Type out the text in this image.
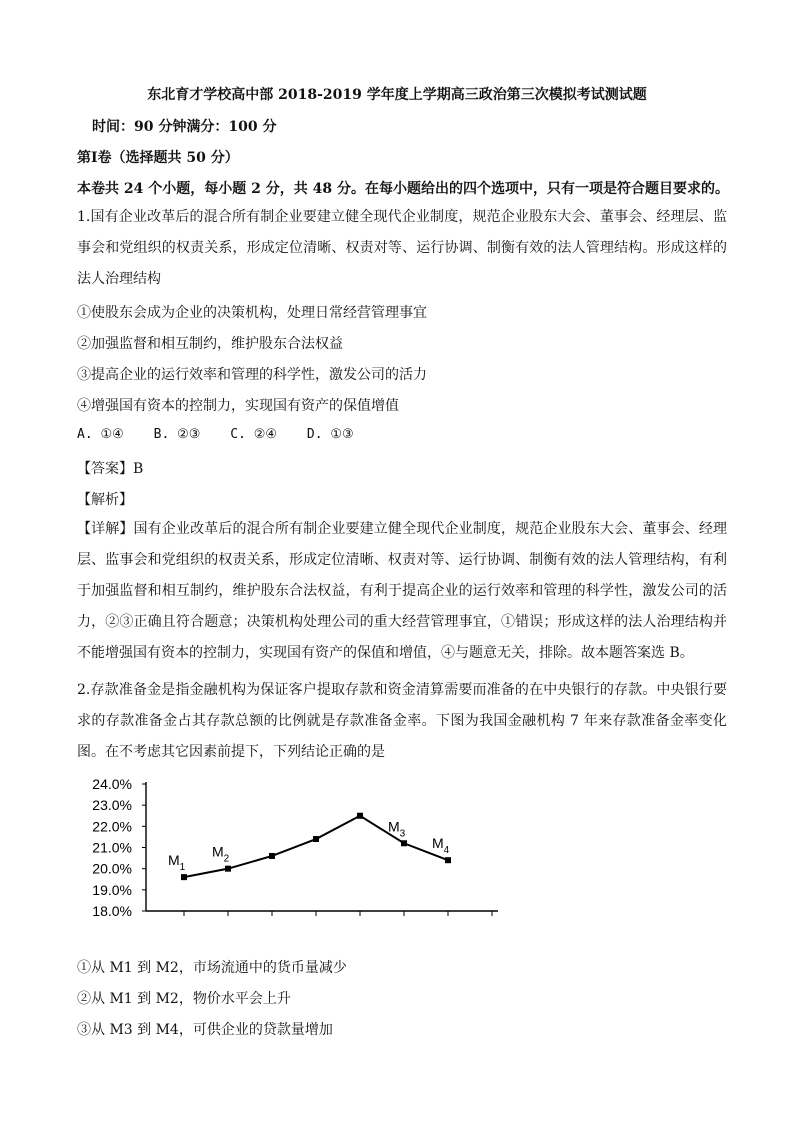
东北育才学校高中部 2018-2019 学年度上学期高三政治第三次模拟考试测试题
时间：90 分钟满分：100 分
第Ⅰ卷（选择题共 50 分）
本卷共 24 个小题，每小题 2 分，共 48 分。在每小题给出的四个选项中，只有一项是符合题目要求的。
1.国有企业改革后的混合所有制企业要建立健全现代企业制度，规范企业股东大会、董事会、经理层、监事会和党组织的权责关系，形成定位清晰、权责对等、运行协调、制衡有效的法人管理结构。形成这样的法人治理结构
①使股东会成为企业的决策机构，处理日常经营管理事宜
②加强监督和相互制约，维护股东合法权益
③提高企业的运行效率和管理的科学性，激发公司的活力
④增强国有资本的控制力，实现国有资产的保值增值
A. ①④ B. ②③ C. ②④ D. ①③
【答案】B
【解析】
【详解】国有企业改革后的混合所有制企业要建立健全现代企业制度，规范企业股东大会、董事会、经理层、监事会和党组织的权责关系，形成定位清晰、权责对等、运行协调、制衡有效的法人管理结构，有利于加强监督和相互制约，维护股东合法权益，有利于提高企业的运行效率和管理的科学性，激发公司的活力，②③正确且符合题意；决策机构处理公司的重大经营管理事宜，①错误；形成这样的法人治理结构并不能增强国有资本的控制力，实现国有资产的保值和增值，④与题意无关，排除。故本题答案选 B。
2.存款准备金是指金融机构为保证客户提取存款和资金清算需要而准备的在中央银行的存款。中央银行要求的存款准备金占其存款总额的比例就是存款准备金率。下图为我国金融机构 7 年来存款准备金率变化图。在不考虑其它因素前提下，下列结论正确的是
24.0%
23.0%
22.0%
21.0%
20.0%
19.0%
18.0%
$M_1$
$M_2$
$M_3$
$M_4$
①从 M1 到 M2，市场流通中的货币量减少
②从 M1 到 M2，物价水平会上升
③从 M3 到 M4，可供企业的贷款量增加
